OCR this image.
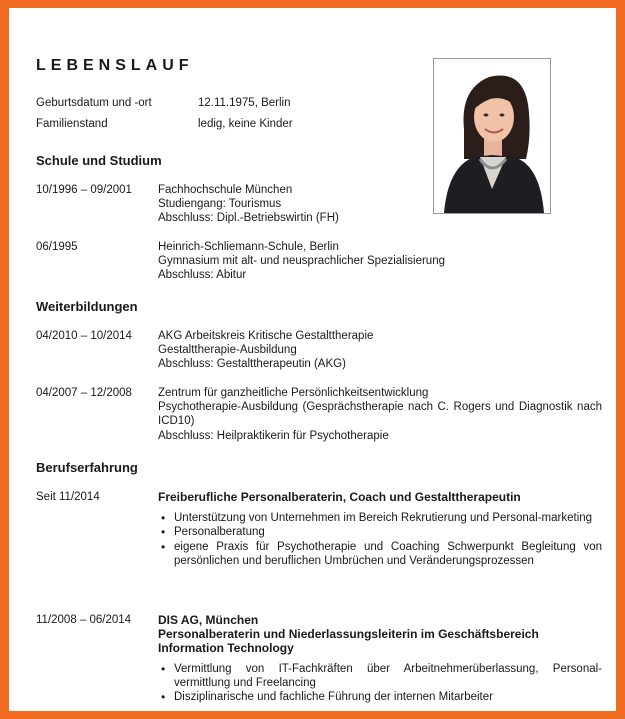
LEBENSLAUF
Geburtsdatum und -ort	12.11.1975, Berlin
Familienstand	ledig, keine Kinder
Schule und Studium
10/1996 – 09/2001	Fachhochschule München
Studiengang: Tourismus
Abschluss: Dipl.-Betriebswirtin (FH)
06/1995	Heinrich-Schliemann-Schule, Berlin
Gymnasium mit alt- und neusprachlicher Spezialisierung
Abschluss: Abitur
Weiterbildungen
04/2010 – 10/2014	AKG Arbeitskreis Kritische Gestalttherapie
Gestalttherapie-Ausbildung
Abschluss: Gestalttherapeutin (AKG)
04/2007 – 12/2008	Zentrum für ganzheitliche Persönlichkeitsentwicklung
Psychotherapie-Ausbildung (Gesprächstherapie nach C. Rogers und Diagnostik nach ICD10)
Abschluss: Heilpraktikerin für Psychotherapie
Berufserfahrung
Seit 11/2014	Freiberufliche Personalberaterin, Coach und Gestalttherapeutin
• Unterstützung von Unternehmen im Bereich Rekrutierung und Personal-marketing
• Personalberatung
• eigene Praxis für Psychotherapie und Coaching Schwerpunkt Begleitung von persönlichen und beruflichen Umbrüchen und Veränderungsprozessen
11/2008 – 06/2014	DIS AG, München
Personalberaterin und Niederlassungsleiterin im Geschäftsbereich Information Technology
• Vermittlung von IT-Fachkräften über Arbeitnehmerüberlassung, Personal-vermittlung und Freelancing
• Disziplinarische und fachliche Führung der internen Mitarbeiter
